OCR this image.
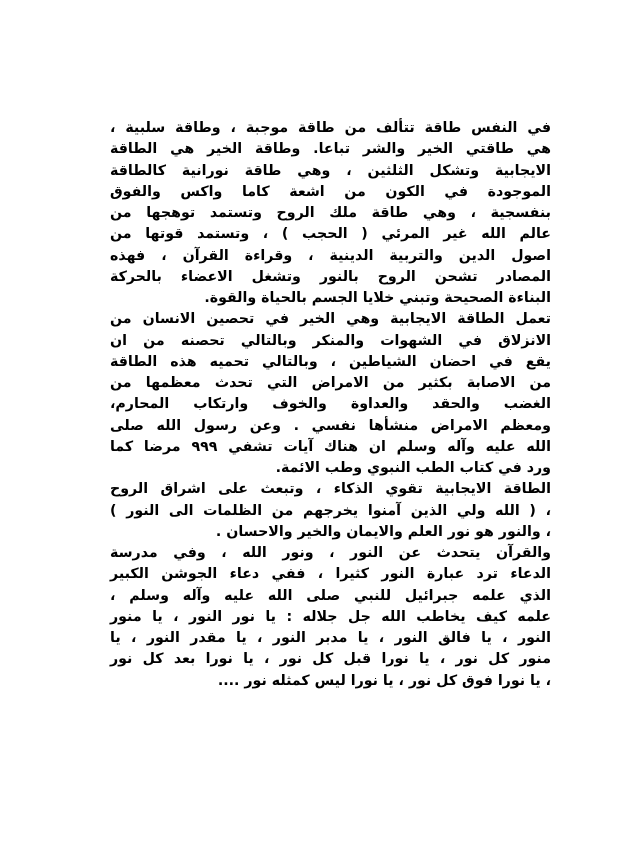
في النفس طاقة تتألف من طاقة موجبة ، وطاقة سلبية ،
هي طاقتي الخير والشر تباعا. وطاقة الخير هي الطاقة
الايجابية وتشكل الثلثين ، وهي طاقة نورانية كالطاقة
الموجودة في الكون من اشعة كاما واكس والفوق
بنفسجية ، وهي طاقة ملك الروح وتستمد توهجها من
عالم الله غير المرئي ( الحجب ) ، وتستمد قوتها من
اصول الدين والتربية الدينية ، وقراءة القرآن ، فهذه
المصادر تشحن الروح بالنور وتشغل الاعضاء بالحركة
البناءة الصحيحة وتبني خلايا الجسم بالحياة والقوة.
تعمل الطاقة الايجابية وهي الخير في تحصين الانسان من
الانزلاق في الشهوات والمنكر وبالتالي تحصنه من ان
يقع في احضان الشياطين ، وبالتالي تحميه هذه الطاقة
من الاصابة بكثير من الامراض التي تحدث معظمها من
الغضب والحقد والعداوة والخوف وارتكاب المحارم،
ومعظم الامراض منشأها نفسي . وعن رسول الله صلى
الله عليه وآله وسلم ان هناك آيات تشفي ٩٩٩ مرضا كما
ورد في كتاب الطب النبوي وطب الائمة.
الطاقة الايجابية تقوي الذكاء ، وتبعث على اشراق الروح
، ( الله ولي الذين آمنوا يخرجهم من الظلمات الى النور )
، والنور هو نور العلم والايمان والخير والاحسان .
والقرآن يتحدث عن النور ، ونور الله ، وفي مدرسة
الدعاء ترد عبارة النور كثيرا ، ففي دعاء الجوشن الكبير
الذي علمه جبرائيل للنبي صلى الله عليه وآله وسلم ،
علمه كيف يخاطب الله جل جلاله : يا نور النور ، يا منور
النور ، يا فالق النور ، يا مدبر النور ، يا مقدر النور ، يا
منور كل نور ، يا نورا قبل كل نور ، يا نورا بعد كل نور
، يا نورا فوق كل نور ، يا نورا ليس كمثله نور ....
